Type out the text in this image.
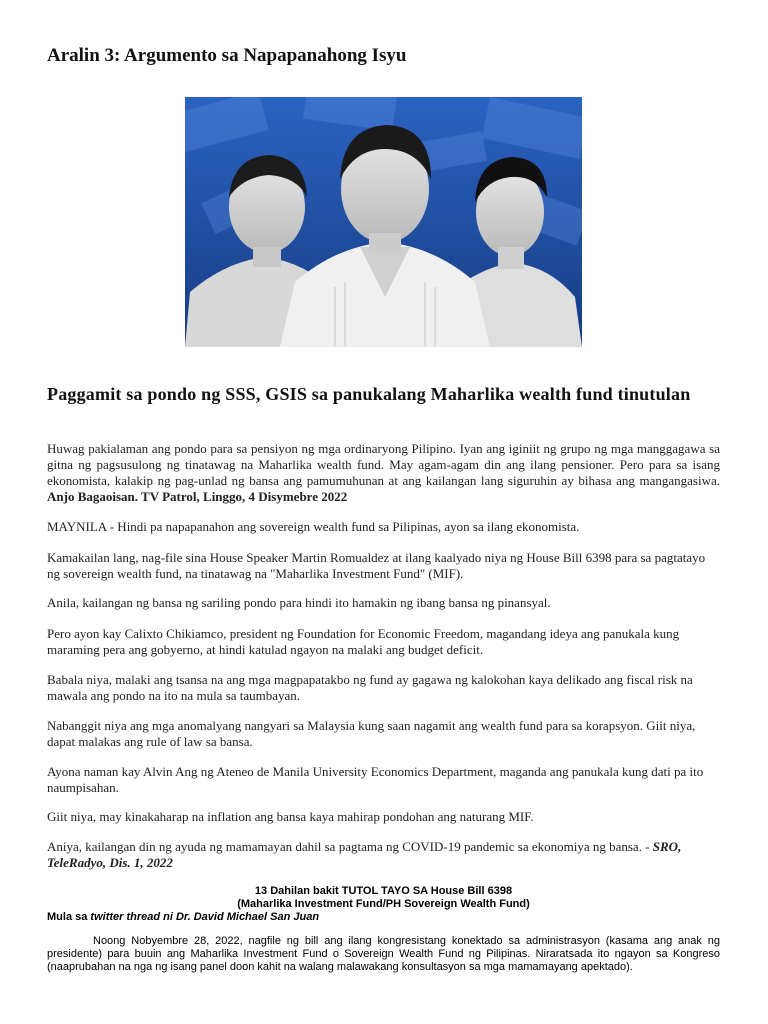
Aralin 3: Argumento sa Napapanahong Isyu
Paggamit sa pondo ng SSS, GSIS sa panukalang Maharlika wealth fund tinutulan

Huwag pakialaman ang pondo para sa pensiyon ng mga ordinaryong Pilipino. Iyan ang iginiit ng grupo ng mga manggagawa sa gitna ng pagsusulong ng tinatawag na Maharlika wealth fund. May agam-agam din ang ilang pensioner. Pero para sa isang ekonomista, kalakip ng pag-unlad ng bansa ang pamumuhunan at ang kailangan lang siguruhin ay bihasa ang mangangasiwa. Anjo Bagaoisan. TV Patrol, Linggo, 4 Disymebre 2022

MAYNILA - Hindi pa napapanahon ang sovereign wealth fund sa Pilipinas, ayon sa ilang ekonomista.

Kamakailan lang, nag-file sina House Speaker Martin Romualdez at ilang kaalyado niya ng House Bill 6398 para sa pagtatayo ng sovereign wealth fund, na tinatawag na "Maharlika Investment Fund" (MIF).

Anila, kailangan ng bansa ng sariling pondo para hindi ito hamakin ng ibang bansa ng pinansyal.

Pero ayon kay Calixto Chikiamco, president ng Foundation for Economic Freedom, magandang ideya ang panukala kung maraming pera ang gobyerno, at hindi katulad ngayon na malaki ang budget deficit.

Babala niya, malaki ang tsansa na ang mga magpapatakbo ng fund ay gagawa ng kalokohan kaya delikado ang fiscal risk na mawala ang pondo na ito na mula sa taumbayan.

Nabanggit niya ang mga anomalyang nangyari sa Malaysia kung saan nagamit ang wealth fund para sa korapsyon. Giit niya, dapat malakas ang rule of law sa bansa.

Ayona naman kay Alvin Ang ng Ateneo de Manila University Economics Department, maganda ang panukala kung dati pa ito naumpisahan.

Giit niya, may kinakaharap na inflation ang bansa kaya mahirap pondohan ang naturang MIF.

Aniya, kailangan din ng ayuda ng mamamayan dahil sa pagtama ng COVID-19 pandemic sa ekonomiya ng bansa. - SRO, TeleRadyo, Dis. 1, 2022

13 Dahilan bakit TUTOL TAYO SA House Bill 6398
(Maharlika Investment Fund/PH Sovereign Wealth Fund)
Mula sa twitter thread ni Dr. David Michael San Juan
Noong Nobyembre 28, 2022, nagfile ng bill ang ilang kongresistang konektado sa administrasyon (kasama ang anak ng presidente) para buuin ang Maharlika Investment Fund o Sovereign Wealth Fund ng Pilipinas. Niraratsada ito ngayon sa Kongreso (naaprubahan na nga ng isang panel doon kahit na walang malawakang konsultasyon sa mga mamamayang apektado).
